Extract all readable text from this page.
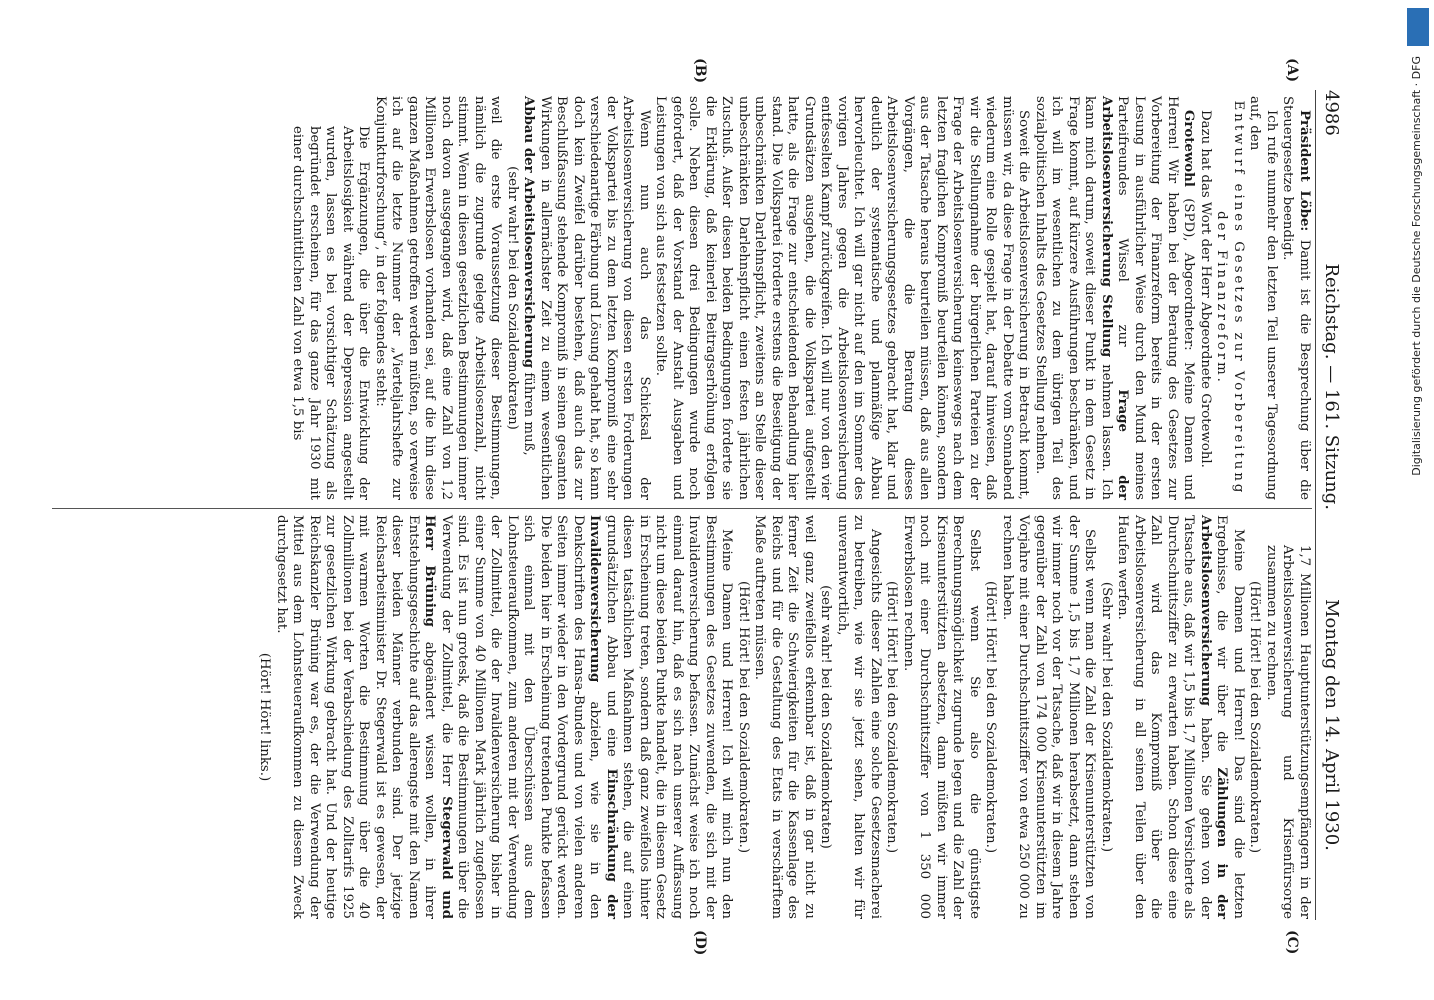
4986
Reichstag. — 161. Sitzung.
Montag den 14. April 1930.
(A)
(B)
(C)
(D)

Präsident Löbe: Damit ist die Besprechung über die Steuergesetze beendigt.

Ich rufe nunmehr den letzten Teil unserer Tagesordnung auf, den

Entwurf eines Gesetzes zur Vorbereitung der Finanzreform.

Dazu hat das Wort der Herr Abgeordnete Grotewohl.

Grotewohl (SPD), Abgeordneter: Meine Damen und Herren! Wir haben bei der Beratung des Gesetzes zur Vorbereitung der Finanzreform bereits in der ersten Lesung in ausführlicher Weise durch den Mund meines Parteifreundes Wissel zur Frage der Arbeitslosenversicherung Stellung nehmen lassen. Ich kann mich darum, soweit dieser Punkt in dem Gesetz in Frage kommt, auf kürzere Ausführungen beschränken, und ich will im wesentlichen zu dem übrigen Teil des sozialpolitischen Inhalts des Gesetzes Stellung nehmen.

Soweit die Arbeitslosenversicherung in Betracht kommt, müssen wir, da diese Frage in der Debatte vom Sonnabend wiederum eine Rolle gespielt hat, darauf hinweisen, daß wir die Stellungnahme der bürgerlichen Parteien zu der Frage der Arbeitslosenversicherung keineswegs nach dem letzten fraglichen Kompromiß beurteilen können, sondern aus der Tatsache heraus beurteilen müssen, daß aus allen Vorgängen, die die Beratung dieses Arbeitslosenversicherungsgesetzes gebracht hat, klar und deutlich der systematische und planmäßige Abbau hervorleuchtet. Ich will gar nicht auf den im Sommer des vorigen Jahres gegen die Arbeitslosenversicherung entfesselten Kampf zurückgreifen. Ich will nur von den vier Grundsätzen ausgehen, die die Volkspartei aufgestellt hatte, als die Frage zur entscheidenden Behandlung hier stand. Die Volkspartei forderte erstens die Beseitigung der unbeschränkten Darlehnspflicht, zweitens an Stelle dieser unbeschränkten Darlehnspflicht einen festen jährlichen Zuschuß. Außer diesen beiden Bedingungen forderte sie die Erklärung, daß keinerlei Beitragserhöhung erfolgen solle. Neben diesen drei Bedingungen wurde noch gefordert, daß der Vorstand der Anstalt Ausgaben und Leistungen von sich aus festsetzen sollte.

Wenn nun auch das Schicksal der Arbeitslosenversicherung von diesen ersten Forderungen der Volkspartei bis zu dem letzten Kompromiß eine sehr verschiedenartige Färbung und Lösung gehabt hat, so kann doch kein Zweifel darüber bestehen, daß auch das zur Beschlußfassung stehende Kompromiß in seinen gesamten Wirkungen in allernächster Zeit zu einem wesentlichen Abbau der Arbeitslosenversicherung führen muß,

(sehr wahr! bei den Sozialdemokraten)

weil die erste Voraussetzung dieser Bestimmungen, nämlich die zugrunde gelegte Arbeitslosenzahl, nicht stimmt. Wenn in diesen gesetzlichen Bestimmungen immer noch davon ausgegangen wird, daß eine Zahl von 1,2 Millionen Erwerbslosen vorhanden sei, auf die hin diese ganzen Maßnahmen getroffen werden müßten, so verweise ich auf die letzte Nummer der „Vierteljahrshefte zur Konjunkturforschung“, in der folgendes steht:

Die Ergänzungen, die über die Entwicklung der Arbeitslosigkeit während der Depression angestellt wurden, lassen es bei vorsichtiger Schätzung als begründet erscheinen, für das ganze Jahr 1930 mit einer durchschnittlichen Zahl von etwa 1,5 bis

1,7 Millionen Hauptunterstützungsempfängern in der Arbeitslosenversicherung und Krisenfürsorge zusammen zu rechnen.

(Hört! Hört! bei den Sozialdemokraten.)

Meine Damen und Herren! Das sind die letzten Ergebnisse, die wir über die Zählungen in der Arbeitslosenversicherung haben. Sie gehen von der Tatsache aus, daß wir 1,5 bis 1,7 Millionen Versicherte als Durchschnittsziffer zu erwarten haben. Schon diese eine Zahl wird das Kompromiß über die Arbeitslosenversicherung in all seinen Teilen über den Haufen werfen.

(Sehr wahr! bei den Sozialdemokraten.)

Selbst wenn man die Zahl der Krisenunterstützten von der Summe 1,5 bis 1,7 Millionen herabsetzt, dann stehen wir immer noch vor der Tatsache, daß wir in diesem Jahre gegenüber der Zahl von 174 000 Krisenunterstützten im Vorjahre mit einer Durchschnittsziffer von etwa 250 000 zu rechnen haben.

(Hört! Hört! bei den Sozialdemokraten.)

Selbst wenn Sie also die günstigste Berechnungsmöglichkeit zugrunde legen und die Zahl der Krisenunterstützten absetzen, dann müßten wir immer noch mit einer Durchschnittsziffer von 1 350 000 Erwerbslosen rechnen.

(Hört! Hört! bei den Sozialdemokraten.)

Angesichts dieser Zahlen eine solche Gesetzesmacherei zu betreiben, wie wir sie jetzt sehen, halten wir für unverantwortlich,

(sehr wahr! bei den Sozialdemokraten)

weil ganz zweifellos erkennbar ist, daß in gar nicht zu ferner Zeit die Schwierigkeiten für die Kassenlage des Reichs und für die Gestaltung des Etats in verschärftem Maße auftreten müssen.

(Hört! Hört! bei den Sozialdemokraten.)

Meine Damen und Herren! Ich will mich nun den Bestimmungen des Gesetzes zuwenden, die sich mit der Invalidenversicherung befassen. Zunächst weise ich noch einmal darauf hin, daß es sich nach unserer Auffassung nicht um diese beiden Punkte handelt, die in diesem Gesetz in Erscheinung treten, sondern daß ganz zweifellos hinter diesen tatsächlichen Maßnahmen stehen, die auf einen grundsätzlichen Abbau und eine Einschränkung der Invalidenversicherung abzielen, wie sie in den Denkschriften des Hansa-Bundes und von vielen anderen Seiten immer wieder in den Vordergrund gerückt werden. Die beiden hier in Erscheinung tretenden Punkte befassen sich einmal mit den Überschüssen aus dem Lohnsteueraufkommen, zum anderen mit der Verwendung der Zollmittel, die der Invalidenversicherung bisher in einer Summe von 40 Millionen Mark jährlich zugeflossen sind. Es ist nun grotesk, daß die Bestimmungen über die Verwendung der Zollmittel, die Herr Stegerwald und Herr Brüning abgeändert wissen wollen, in ihrer Entstehungsgeschichte auf das allerengste mit den Namen dieser beiden Männer verbunden sind. Der jetzige Reichsarbeitsminister Dr. Stegerwald ist es gewesen, der mit warmen Worten die Bestimmung über die 40 Zollmillionen bei der Verabschiedung des Zolltarifs 1925 zur gesetzlichen Wirkung gebracht hat. Und der heutige Reichskanzler Brüning war es, der die Verwendung der Mittel aus dem Lohnsteueraufkommen zu diesem Zweck durchgesetzt hat.

(Hört! Hört! links.)

Digitalisierung gefördert durch die Deutsche Forschungsgemeinschaft · DFG
